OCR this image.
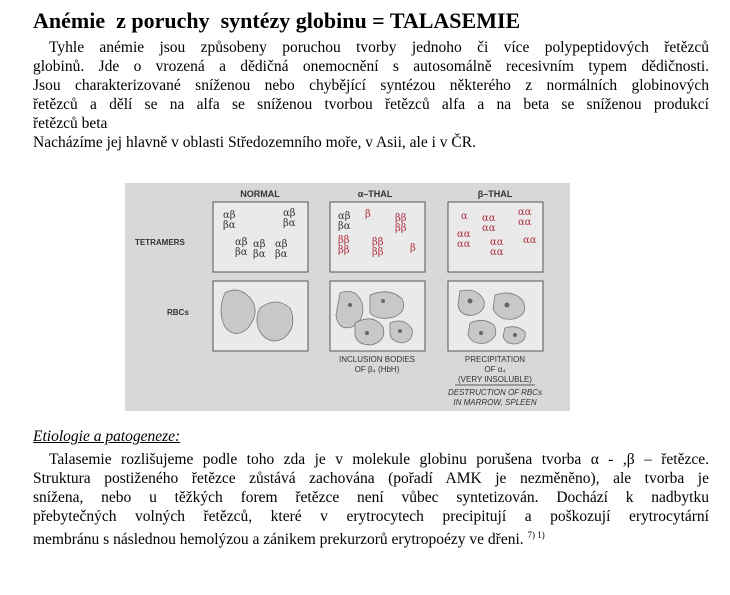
Anémie  z poruchy  syntézy globinu = TALASEMIE
Tyhle anémie jsou způsobeny poruchou tvorby jednoho či více polypeptidových řetězců
globinů. Jde o vrozená a dědičná onemocnění s autosomálně recesivním typem dědičnosti.
Jsou charakterizované sníženou nebo chybějící syntézou některého z normálních globinových
řetězců a dělí se na alfa se sníženou tvorbou řetězců alfa a na beta se sníženou produkcí
řetězců beta
Nacházíme jej hlavně v oblasti Středozemního moře, v Asii, ale i v ČR.
NORMAL	α–THAL	β–THAL
TETRAMERS
RBCs
αβ
βα
αβ
βα
αβ
βα
αβ
βα
αβ
βα
αβ
βα
β ββ
ββ
ββ
ββ
ββ
ββ	β
α αα
αα
αα
αα
αα
αα αα
αα
αα
INCLUSION BODIES
OF β₄ (HbH)
PRECIPITATION
OF α₄
(VERY INSOLUBLE)
DESTRUCTION OF RBCs
IN MARROW, SPLEEN
Etiologie a patogeneze:
Talasemie rozlišujeme podle toho zda je v molekule globinu porušena tvorba α - ,β – řetězce.
Struktura postiženého řetězce zůstává zachována (pořadí AMK je nezměněno), ale tvorba je
snížena, nebo u těžkých forem řetězce není vůbec syntetizován. Dochází k nadbytku
přebytečných volných řetězců, které v erytrocytech precipitují a poškozují erytrocytární
membránu s následnou hemolýzou a zánikem prekurzorů erytropoézy ve dřeni. $^{7) 1)}$
